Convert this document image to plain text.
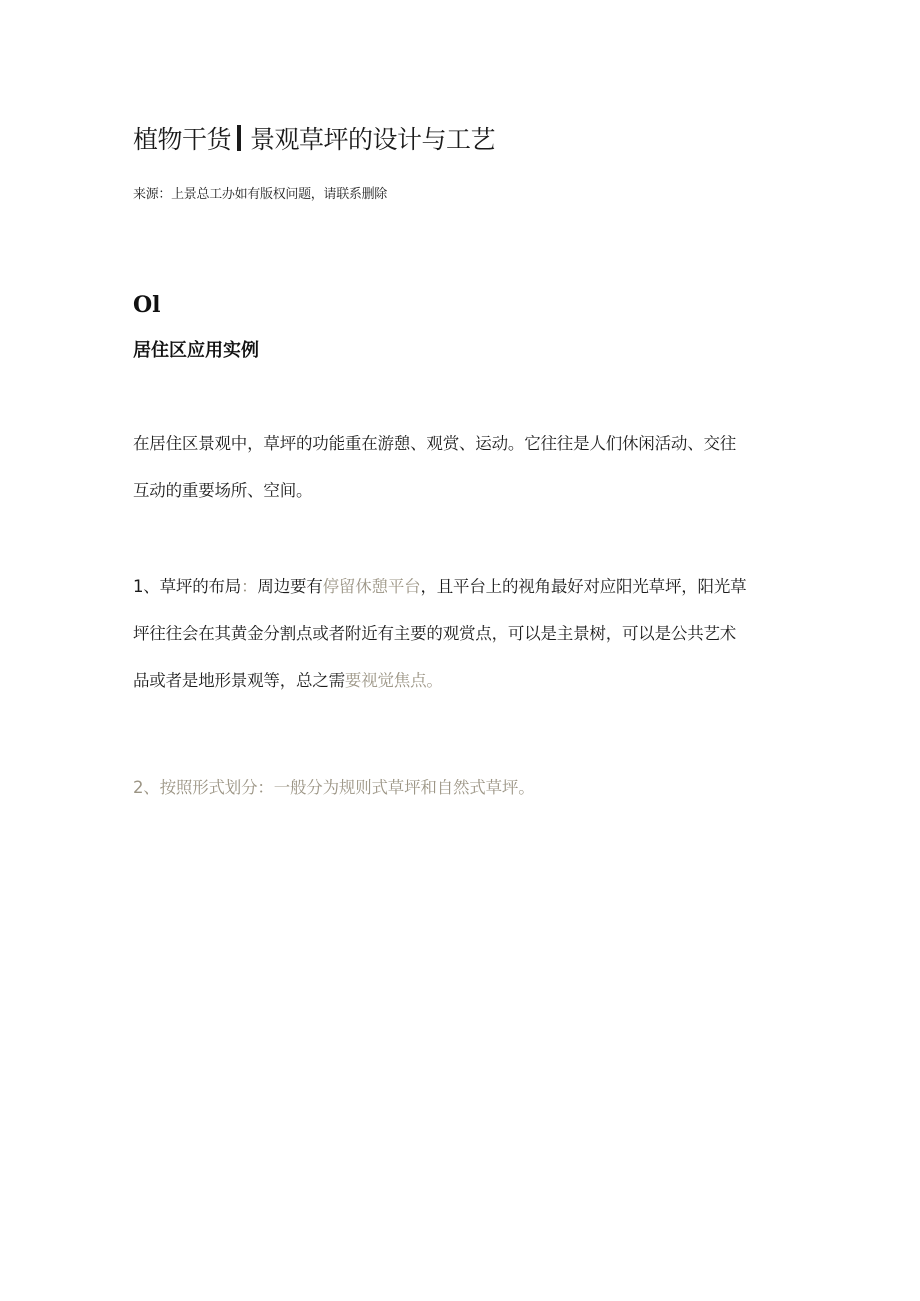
植物干货 景观草坪的设计与工艺
来源：上景总工办如有版权问题，请联系删除
Ol
居住区应用实例
在居住区景观中，草坪的功能重在游憩、观赏、运动。它往往是人们休闲活动、交往
互动的重要场所、空间。
1、草坪的布局：周边要有停留休憩平台，且平台上的视角最好对应阳光草坪，阳光草
坪往往会在其黄金分割点或者附近有主要的观赏点，可以是主景树，可以是公共艺术
品或者是地形景观等，总之需要视觉焦点。
2、按照形式划分：一般分为规则式草坪和自然式草坪。
